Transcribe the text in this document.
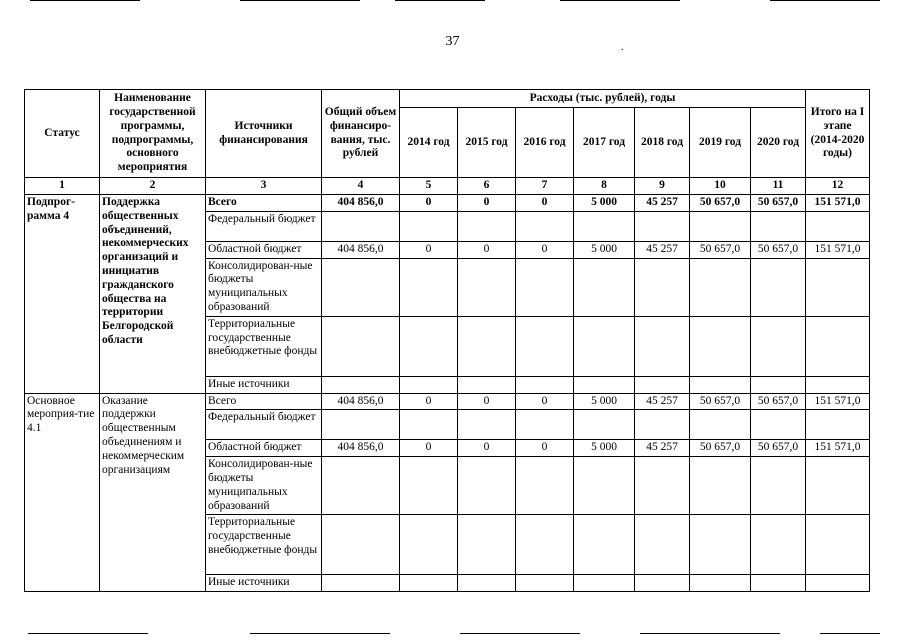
37	.
Статус	Наименование государственной программы, подпрограммы, основного мероприятия	Источники финансирования	Общий объем финансиро-вания, тыс. рублей	Расходы (тыс. рублей), годы							Итого на I этапе (2014-2020 годы)
				2014 год	2015 год	2016 год	2017 год	2018 год	2019 год	2020 год	
1	2	3	4	5	6	7	8	9	10	11	12
Подпрог-рамма 4	Поддержка общественных объединений, некоммерческих организаций и инициатив гражданского общества на территории Белгородской области	Всего	404 856,0	0	0	0	5 000	45 257	50 657,0	50 657,0	151 571,0
		Федеральный бюджет									
		Областной бюджет	404 856,0	0	0	0	5 000	45 257	50 657,0	50 657,0	151 571,0
		Консолидирован-ные бюджеты муниципальных образований									
		Территориальные государственные внебюджетные фонды									
		Иные источники									
Основное мероприя-тие 4.1	Оказание поддержки общественным объединениям и некоммерческим организациям	Всего	404 856,0	0	0	0	5 000	45 257	50 657,0	50 657,0	151 571,0
		Федеральный бюджет									
		Областной бюджет	404 856,0	0	0	0	5 000	45 257	50 657,0	50 657,0	151 571,0
		Консолидирован-ные бюджеты муниципальных образований									
		Территориальные государственные внебюджетные фонды									
		Иные источники									
